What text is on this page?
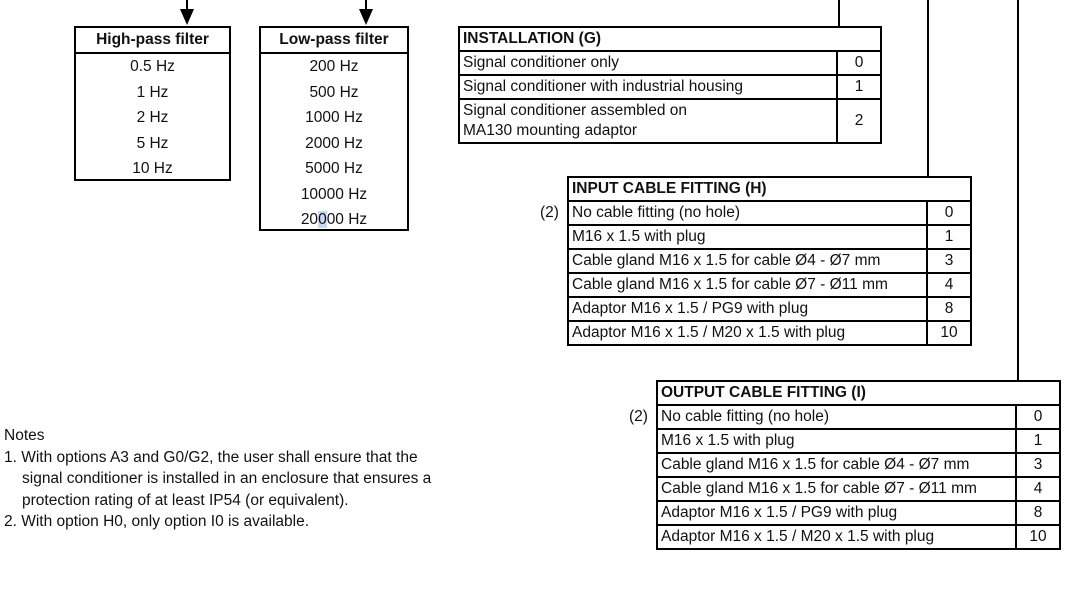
High-pass filter
0.5 Hz
1 Hz
2 Hz
5 Hz
10 Hz
Low-pass filter
200 Hz
500 Hz
1000 Hz
2000 Hz
5000 Hz
10000 Hz
20000 Hz
INSTALLATION (G)	
Signal conditioner only	0
Signal conditioner with industrial housing	1

Signal conditioner assembled on
MA130 mounting adaptor	2
(2)
INPUT CABLE FITTING (H)	
No cable fitting (no hole)	0
M16 x 1.5 with plug	1
Cable gland M16 x 1.5 for cable Ø4 - Ø7 mm	3
Cable gland M16 x 1.5 for cable Ø7 - Ø11 mm	4
Adaptor M16 x 1.5 / PG9 with plug	8
Adaptor M16 x 1.5 / M20 x 1.5 with plug	10
(2)
OUTPUT CABLE FITTING (I)	
No cable fitting (no hole)	0
M16 x 1.5 with plug	1
Cable gland M16 x 1.5 for cable Ø4 - Ø7 mm	3
Cable gland M16 x 1.5 for cable Ø7 - Ø11 mm	4
Adaptor M16 x 1.5 / PG9 with plug	8
Adaptor M16 x 1.5 / M20 x 1.5 with plug	10
Notes
1. With options A3 and G0/G2, the user shall ensure that the
signal conditioner is installed in an enclosure that ensures a
protection rating of at least IP54 (or equivalent).
2. With option H0, only option I0 is available.
